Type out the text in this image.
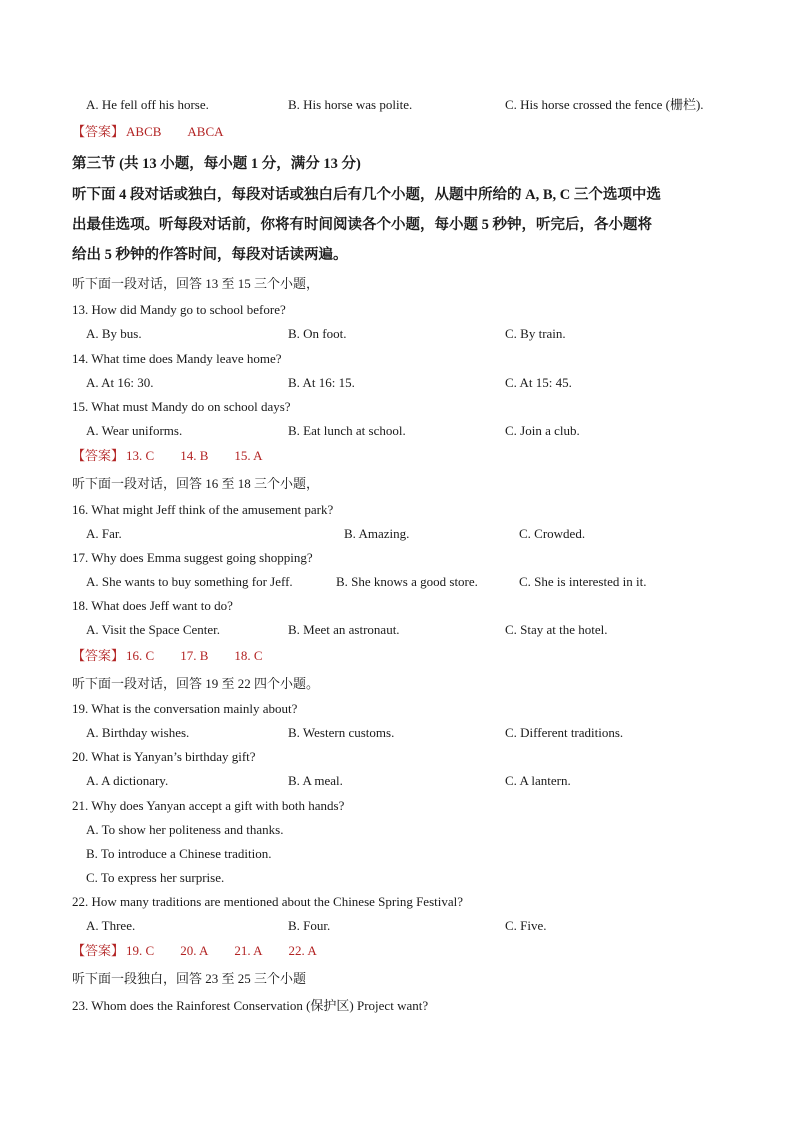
A. He fell off his horse.	B. His horse was polite.	C. His horse crossed the fence (栅栏).
【答案】 ABCB ABCA
第三节 (共 13 小题，每小题 1 分，满分 13 分)
听下面 4 段对话或独白，每段对话或独白后有几个小题，从题中所给的 A, B, C 三个选项中选
出最佳选项。听每段对话前，你将有时间阅读各个小题，每小题 5 秒钟，听完后，各小题将
给出 5 秒钟的作答时间，每段对话读两遍。
听下面一段对话，回答 13 至 15 三个小题，
13. How did Mandy go to school before?
A. By bus.	B. On foot.	C. By train.
14. What time does Mandy leave home?
A. At 16: 30.	B. At 16: 15.	C. At 15: 45.
15. What must Mandy do on school days?
A. Wear uniforms.	B. Eat lunch at school.	C. Join a club.
【答案】 13. C 14. B 15. A
听下面一段对话，回答 16 至 18 三个小题，
16. What might Jeff think of the amusement park?
A. Far.	B. Amazing.	C. Crowded.
17. Why does Emma suggest going shopping?
A. She wants to buy something for Jeff.	B. She knows a good store.	C. She is interested in it.
18. What does Jeff want to do?
A. Visit the Space Center.	B. Meet an astronaut.	C. Stay at the hotel.
【答案】 16. C 17. B 18. C
听下面一段对话，回答 19 至 22 四个小题。
19. What is the conversation mainly about?
A. Birthday wishes.	B. Western customs.	C. Different traditions.
20. What is Yanyan’s birthday gift?
A. A dictionary.	B. A meal.	C. A lantern.
21. Why does Yanyan accept a gift with both hands?
A. To show her politeness and thanks.
B. To introduce a Chinese tradition.
C. To express her surprise.
22. How many traditions are mentioned about the Chinese Spring Festival?
A. Three.	B. Four.	C. Five.
【答案】 19. C 20. A 21. A 22. A
听下面一段独白，回答 23 至 25 三个小题
23. Whom does the Rainforest Conservation (保护区) Project want?
